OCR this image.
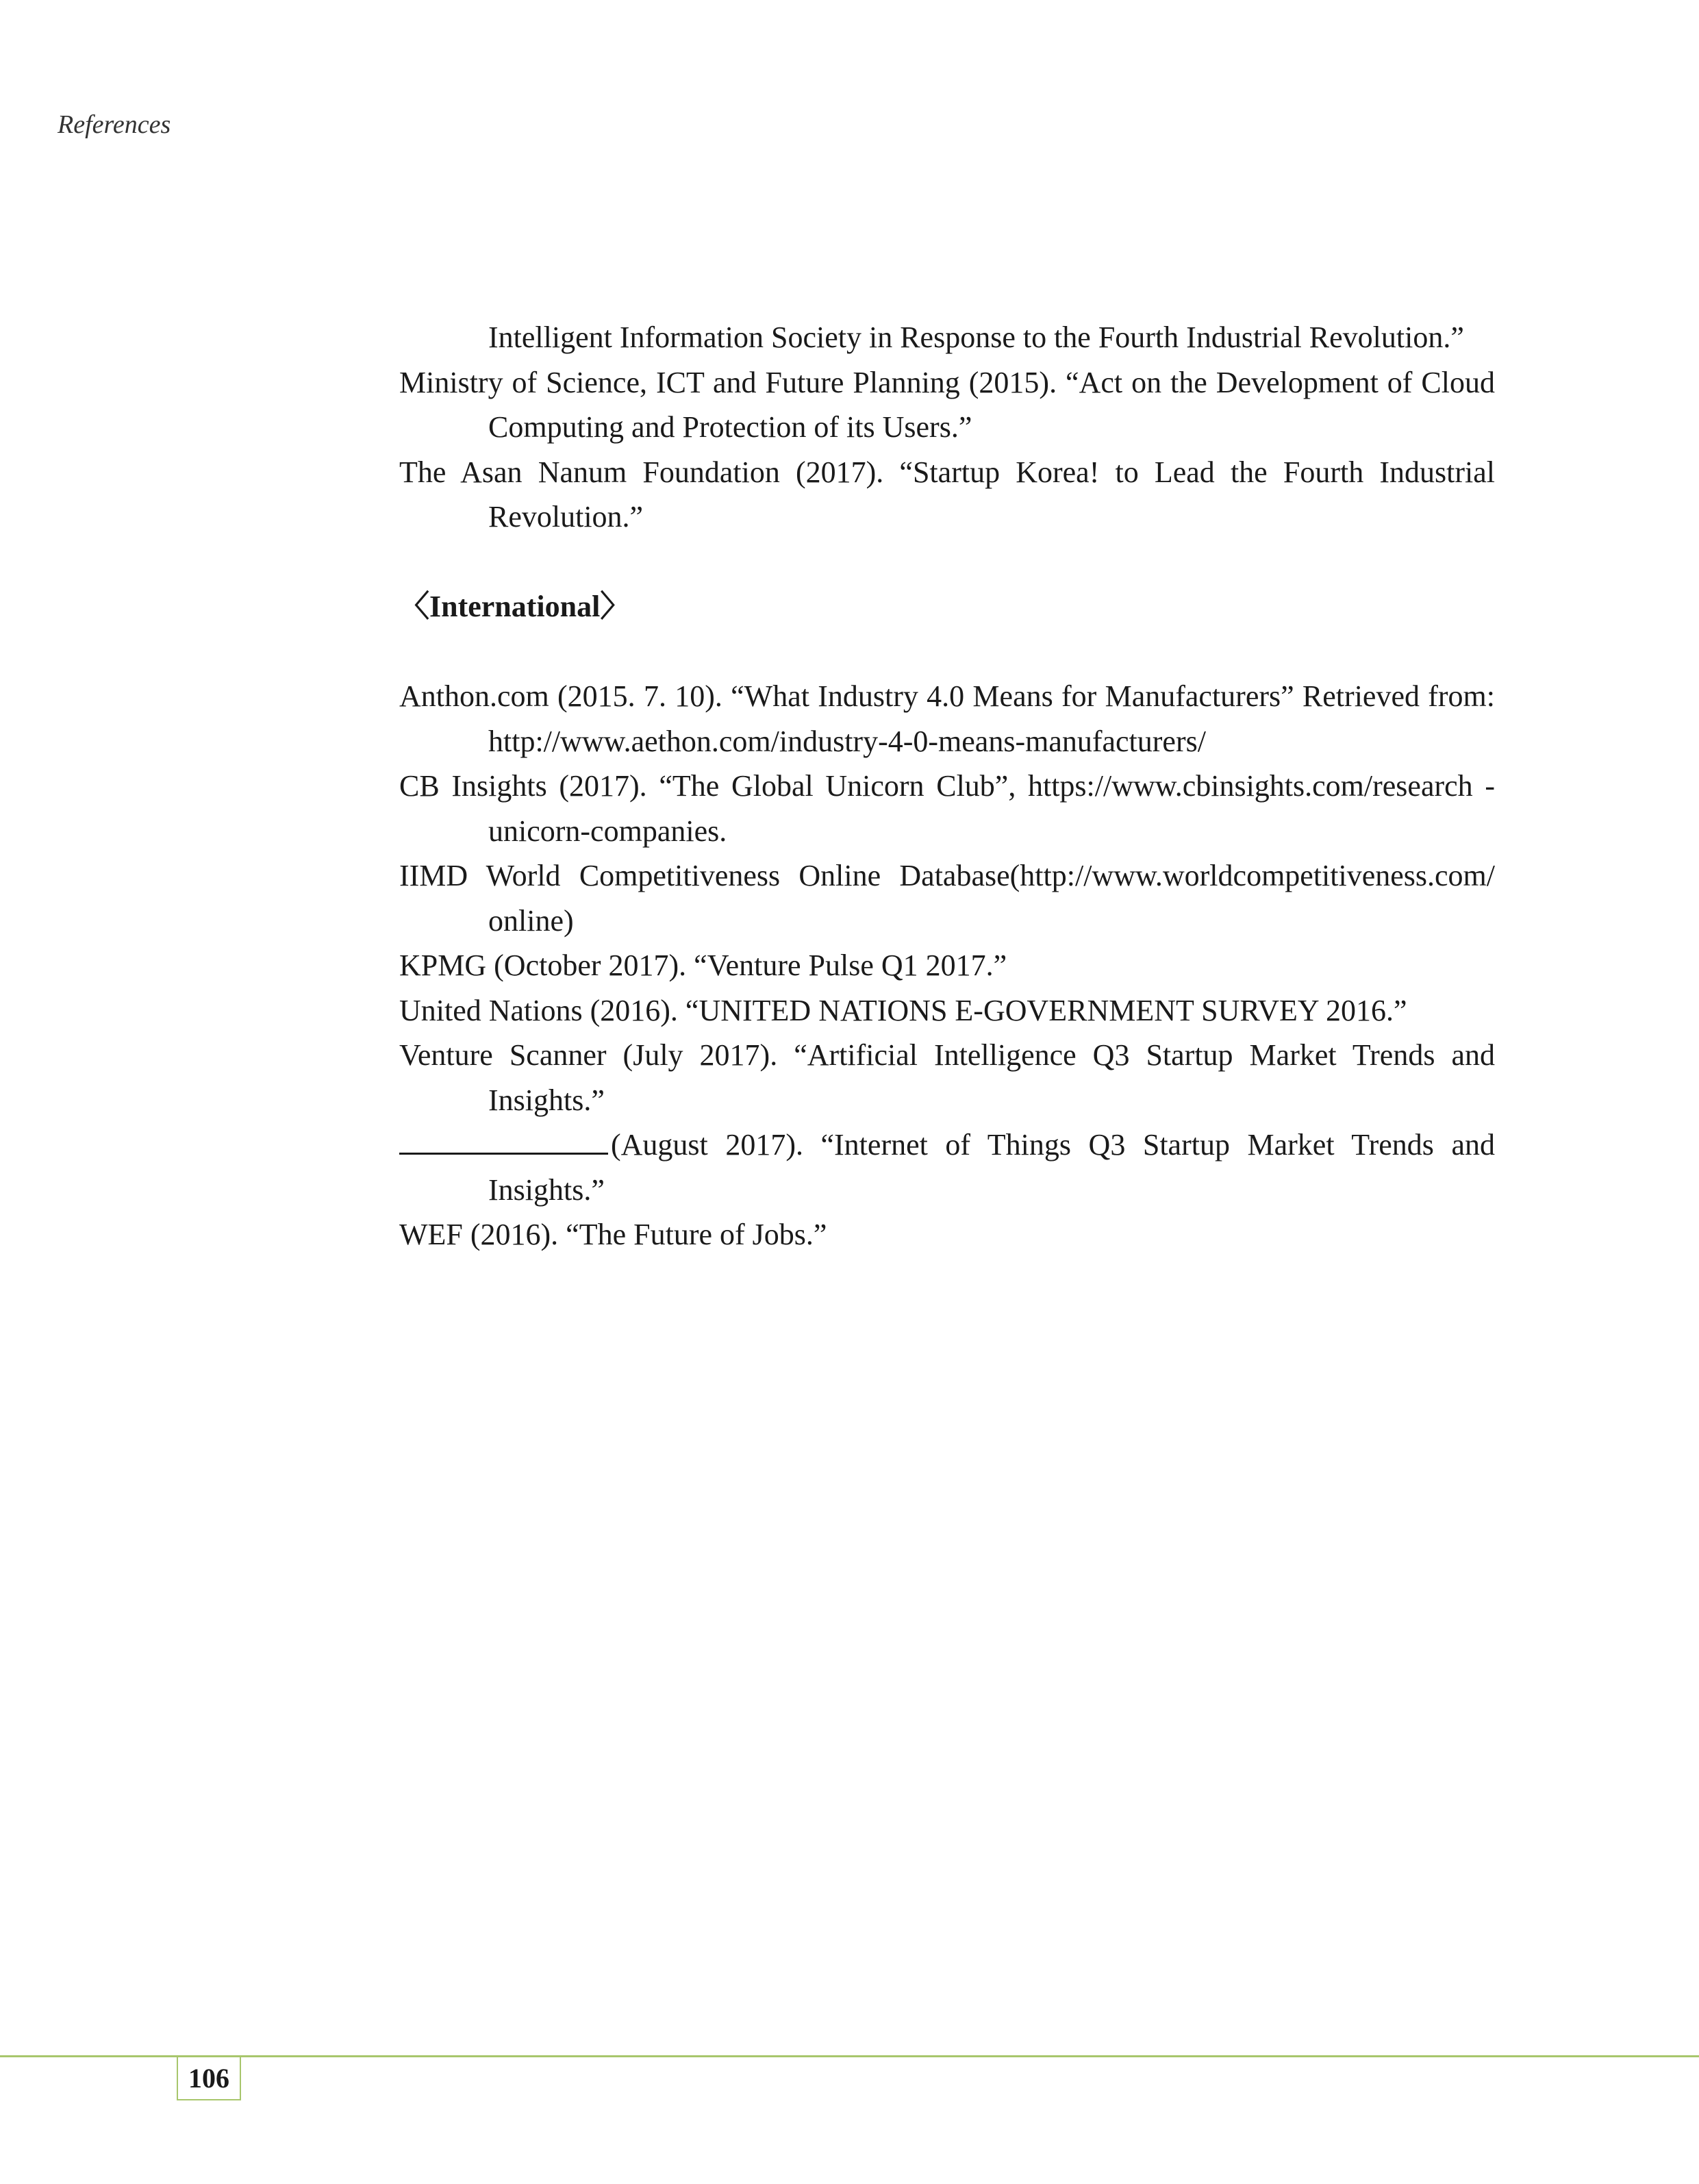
References

Intelligent Information Society in Response to the Fourth Industrial Revolution.”

Ministry of Science, ICT and Future Planning (2015). “Act on the Development of Cloud Computing and Protection of its Users.”

The Asan Nanum Foundation (2017). “Startup Korea! to Lead the Fourth Industrial Revolution.”

〈International〉

Anthon.com (2015. 7. 10). “What Industry 4.0 Means for Manufacturers” Retrieved from: http://www.aethon.com/industry-4-0-means-manufacturers/

CB Insights (2017). “The Global Unicorn Club”, https://www.cbinsights.com/research -unicorn-companies.

IIMD World Competitiveness Online Database(http://www.worldcompetitiveness.com/ online)

KPMG (October 2017). “Venture Pulse Q1 2017.”

United Nations (2016). “UNITED NATIONS E-GOVERNMENT SURVEY 2016.”

Venture Scanner (July 2017). “Artificial Intelligence Q3 Startup Market Trends and Insights.”

(August 2017). “Internet of Things Q3 Startup Market Trends and Insights.”

WEF (2016). “The Future of Jobs.”

106
